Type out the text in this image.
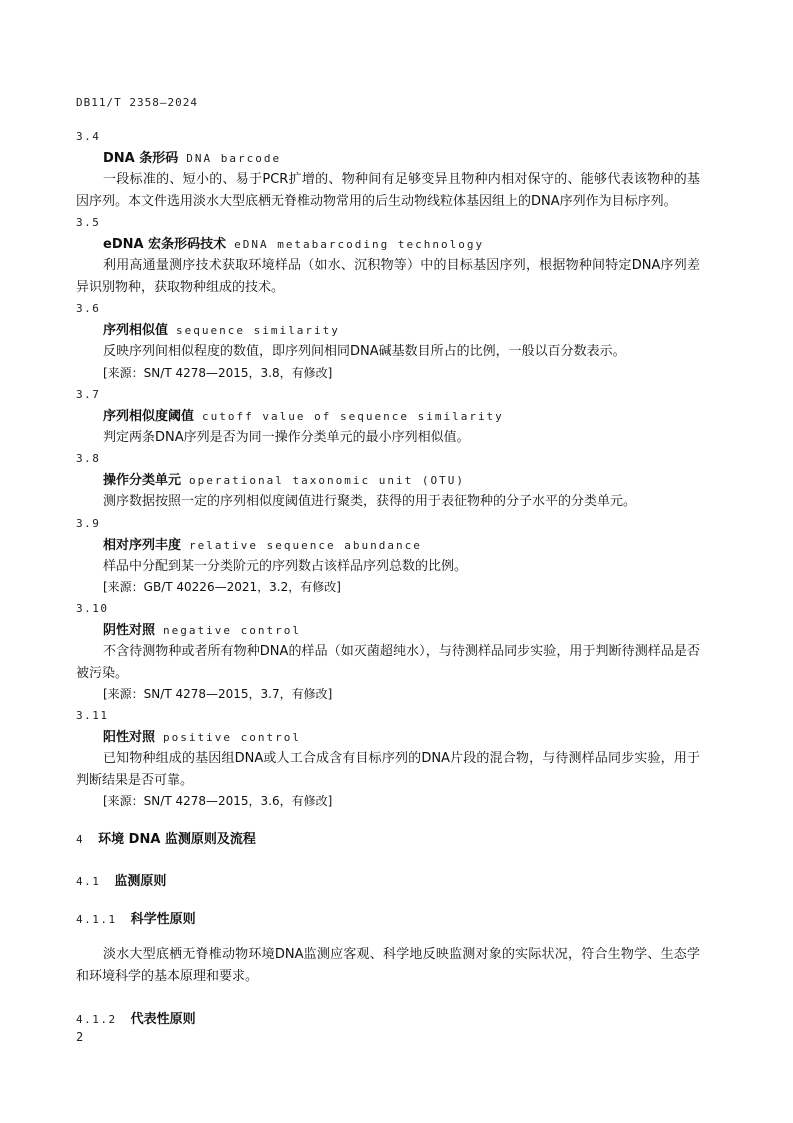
DB11/T 2358—2024
3.4
DNA 条形码 DNA barcode

一段标准的、短小的、易于PCR扩增的、物种间有足够变异且物种内相对保守的、能够代表该物种的基因序列。本文件选用淡水大型底栖无脊椎动物常用的后生动物线粒体基因组上的DNA序列作为目标序列。

3.5
eDNA 宏条形码技术 eDNA metabarcoding technology

利用高通量测序技术获取环境样品（如水、沉积物等）中的目标基因序列，根据物种间特定DNA序列差异识别物种，获取物种组成的技术。

3.6
序列相似值 sequence similarity

反映序列间相似程度的数值，即序列间相同DNA碱基数目所占的比例，一般以百分数表示。

[来源：SN/T 4278—2015，3.8，有修改]
3.7
序列相似度阈值 cutoff value of sequence similarity

判定两条DNA序列是否为同一操作分类单元的最小序列相似值。

3.8
操作分类单元 operational taxonomic unit (OTU)

测序数据按照一定的序列相似度阈值进行聚类，获得的用于表征物种的分子水平的分类单元。

3.9
相对序列丰度 relative sequence abundance

样品中分配到某一分类阶元的序列数占该样品序列总数的比例。

[来源：GB/T 40226—2021，3.2，有修改]
3.10
阴性对照 negative control

不含待测物种或者所有物种DNA的样品（如灭菌超纯水），与待测样品同步实验，用于判断待测样品是否被污染。

[来源：SN/T 4278—2015，3.7，有修改]
3.11
阳性对照 positive control

已知物种组成的基因组DNA或人工合成含有目标序列的DNA片段的混合物，与待测样品同步实验，用于判断结果是否可靠。

[来源：SN/T 4278—2015，3.6，有修改]
4 环境 DNA 监测原则及流程
4.1 监测原则
4.1.1 科学性原则

淡水大型底栖无脊椎动物环境DNA监测应客观、科学地反映监测对象的实际状况，符合生物学、生态学和环境科学的基本原理和要求。

4.1.2 代表性原则
2
